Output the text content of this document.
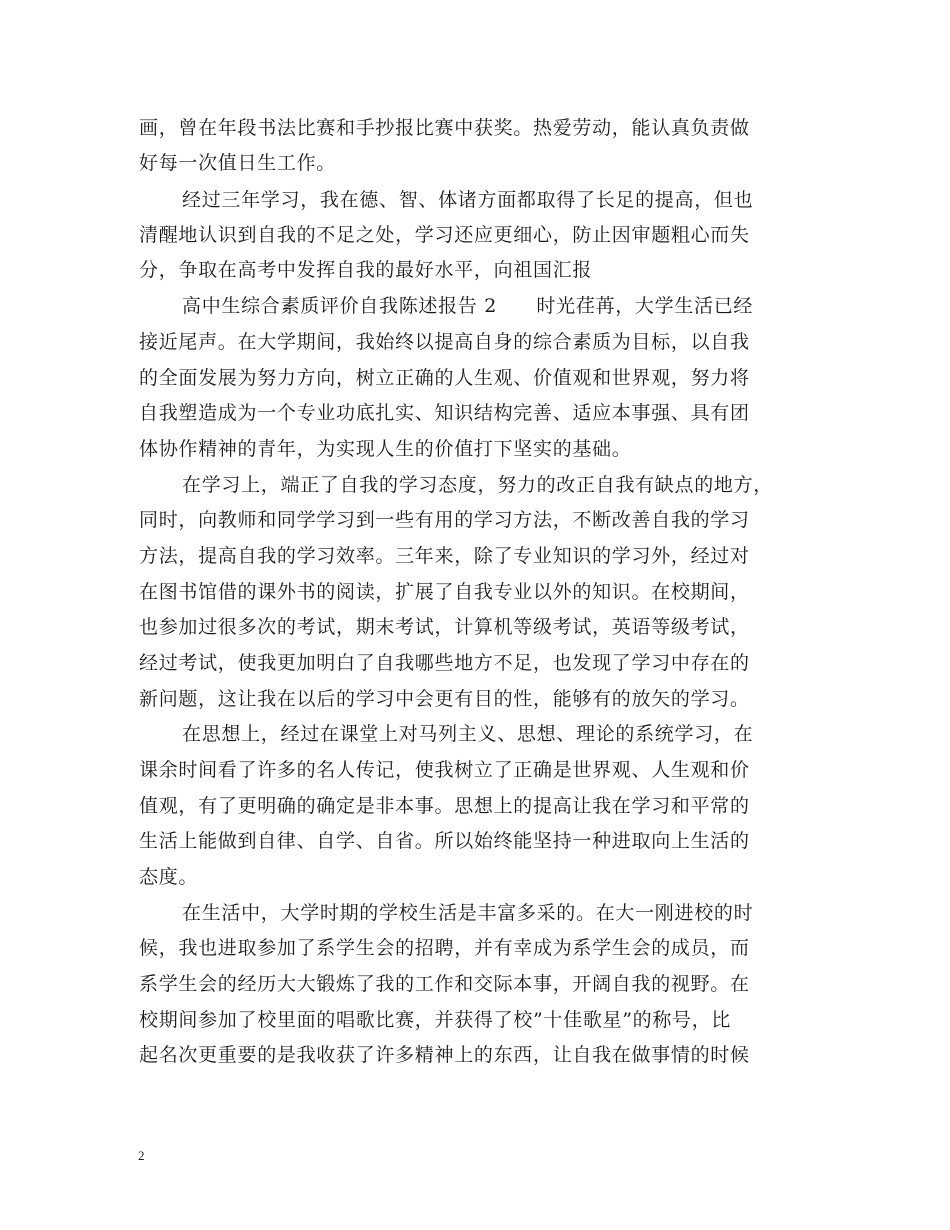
画，曾在年段书法比赛和手抄报比赛中获奖。热爱劳动，能认真负责做
好每一次值日生工作。
经过三年学习，我在德、智、体诸方面都取得了长足的提高，但也
清醒地认识到自我的不足之处，学习还应更细心，防止因审题粗心而失
分，争取在高考中发挥自我的最好水平，向祖国汇报
高中生综合素质评价自我陈述报告 2　　时光荏苒，大学生活已经
接近尾声。在大学期间，我始终以提高自身的综合素质为目标，以自我
的全面发展为努力方向，树立正确的人生观、价值观和世界观，努力将
自我塑造成为一个专业功底扎实、知识结构完善、适应本事强、具有团
体协作精神的青年，为实现人生的价值打下坚实的基础。
在学习上，端正了自我的学习态度，努力的改正自我有缺点的地方，
同时，向教师和同学学习到一些有用的学习方法，不断改善自我的学习
方法，提高自我的学习效率。三年来，除了专业知识的学习外，经过对
在图书馆借的课外书的阅读，扩展了自我专业以外的知识。在校期间，
也参加过很多次的考试，期末考试，计算机等级考试，英语等级考试，
经过考试，使我更加明白了自我哪些地方不足，也发现了学习中存在的
新问题，这让我在以后的学习中会更有目的性，能够有的放矢的学习。
在思想上，经过在课堂上对马列主义、思想、理论的系统学习，在
课余时间看了许多的名人传记，使我树立了正确是世界观、人生观和价
值观，有了更明确的确定是非本事。思想上的提高让我在学习和平常的
生活上能做到自律、自学、自省。所以始终能坚持一种进取向上生活的
态度。
在生活中，大学时期的学校生活是丰富多采的。在大一刚进校的时
候，我也进取参加了系学生会的招聘，并有幸成为系学生会的成员，而
系学生会的经历大大锻炼了我的工作和交际本事，开阔自我的视野。在
校期间参加了校里面的唱歌比赛，并获得了校”十佳歌星”的称号，比
起名次更重要的是我收获了许多精神上的东西，让自我在做事情的时候
2
